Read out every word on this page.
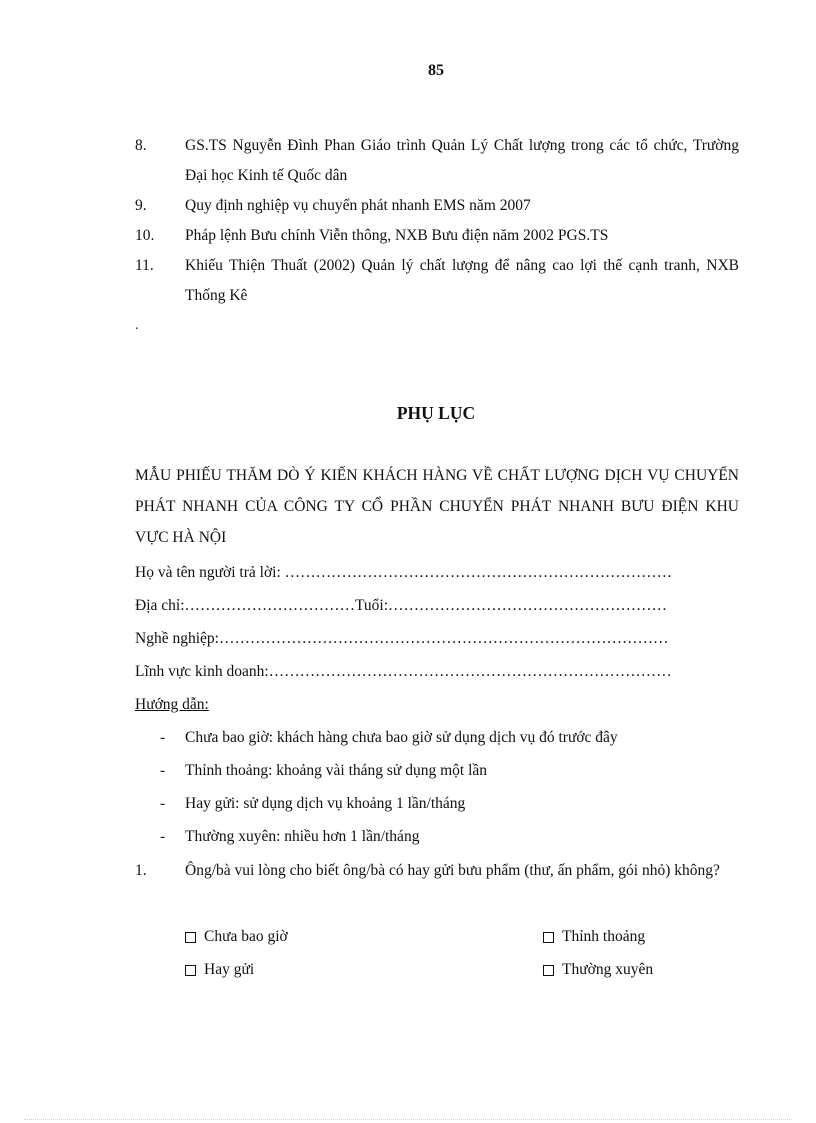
85
8.	GS.TS Nguyễn Đình Phan Giáo trình Quản Lý Chất lượng trong các tổ chức, Trường Đại học Kinh tế Quốc dân
9.	Quy định nghiệp vụ chuyển phát nhanh EMS năm 2007
10.	Pháp lệnh Bưu chính Viễn thông, NXB Bưu điện năm 2002 PGS.TS
11.	Khiếu Thiện Thuất (2002) Quản lý chất lượng để nâng cao lợi thế cạnh tranh, NXB Thống Kê
.
PHỤ LỤC
MẪU PHIẾU THĂM DÒ Ý KIẾN KHÁCH HÀNG VỀ CHẤT LƯỢNG DỊCH VỤ CHUYỂN PHÁT NHANH CỦA CÔNG TY CỔ PHẦN CHUYỂN PHÁT NHANH BƯU ĐIỆN KHU VỰC HÀ NỘI
Họ và tên người trả lời: …………………………………………………………………
Địa chỉ:……………………………Tuổi:………………………………………………
Nghề nghiệp:……………………………………………………………………………
Lĩnh vực kinh doanh:……………………………………………………………………
Hướng dẫn:
-	Chưa bao giờ: khách hàng chưa bao giờ sử dụng dịch vụ đó trước đây
-	Thỉnh thoảng: khoảng vài tháng sử dụng một lần
-	Hay gửi: sử dụng dịch vụ khoảng 1 lần/tháng
-	Thường xuyên: nhiều hơn 1 lần/tháng
1.	Ông/bà vui lòng cho biết ông/bà có hay gửi bưu phẩm (thư, ấn phẩm, gói nhỏ) không?
Chưa bao giờ	Thỉnh thoảng
Hay gửi	Thường xuyên
